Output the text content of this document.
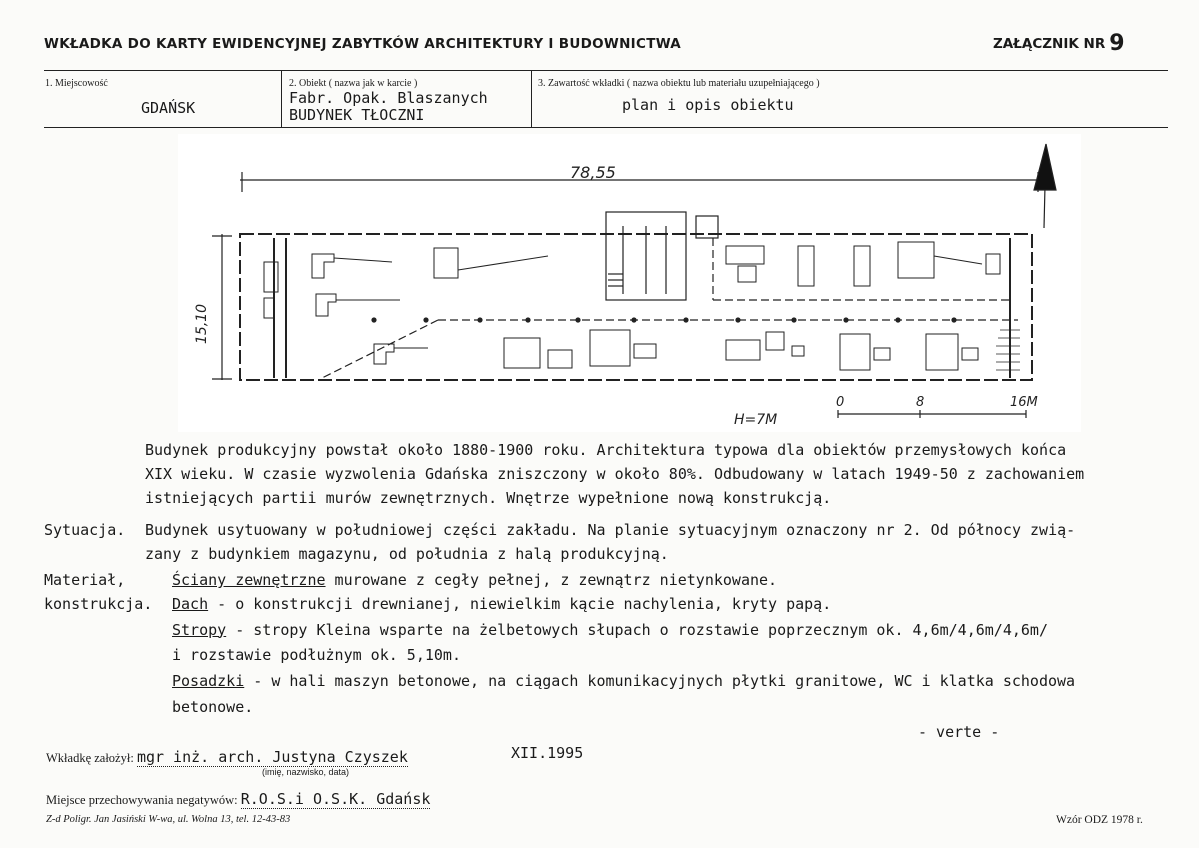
WKŁADKA DO KARTY EWIDENCYJNEJ ZABYTKÓW ARCHITEKTURY I BUDOWNICTWA	ZAŁĄCZNIK NR 9
1. Miejscowość
GDAŃSK
2. Obiekt ( nazwa jak w karcie )
Fabr. Opak. Blaszanych
BUDYNEK TŁOCZNI
3. Zawartość wkładki ( nazwa obiektu lub materiału uzupełniającego )
plan i opis obiektu
78,55
15,10
H=7M
0	8	16M
Budynek produkcyjny powstał około 1880-1900 roku. Architektura typowa dla obiektów przemysłowych końca
XIX wieku. W czasie wyzwolenia Gdańska zniszczony w około 80%. Odbudowany w latach 1949-50 z zachowaniem
istniejących partii murów zewnętrznych. Wnętrze wypełnione nową konstrukcją.
Sytuacja. Budynek usytuowany w południowej części zakładu. Na planie sytuacyjnym oznaczony nr 2. Od północy zwią-
zany z budynkiem magazynu, od południa z halą produkcyjną.
Materiał,
konstrukcja.
Ściany zewnętrzne murowane z cegły pełnej, z zewnątrz nietynkowane.
Dach - o konstrukcji drewnianej, niewielkim kącie nachylenia, kryty papą.
Stropy - stropy Kleina wsparte na żelbetowych słupach o rozstawie poprzecznym ok. 4,6m/4,6m/4,6m/
i rozstawie podłużnym ok. 5,10m.
Posadzki - w hali maszyn betonowe, na ciągach komunikacyjnych płytki granitowe, WC i klatka schodowa
betonowe.
- verte -
Wkładkę założył: mgr inż. arch. Justyna Czyszek	XII.1995
(imię, nazwisko, data)
Miejsce przechowywania negatywów: R.O.S.i O.S.K. Gdańsk
Z-d Poligr. Jan Jasiński W-wa, ul. Wolna 13, tel. 12-43-83	Wzór ODZ 1978 r.
